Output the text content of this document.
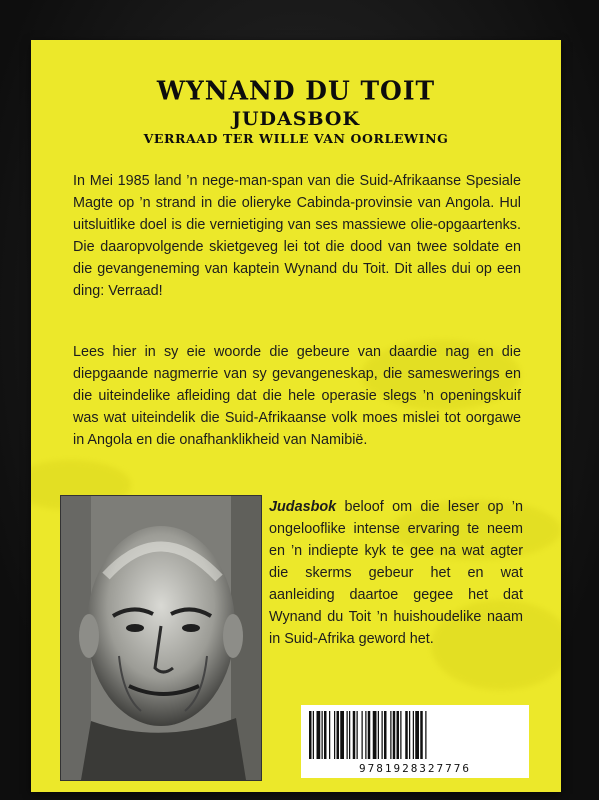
WYNAND DU TOIT
JUDASBOK
VERRAAD TER WILLE VAN OORLEWING

In Mei 1985 land ’n nege-man-span van die Suid-Afrikaanse Spesiale Magte op ’n strand in die olieryke Cabinda-provinsie van Angola. Hul uitsluitlike doel is die vernietiging van ses massiewe olie-opgaartenks. Die daaropvolgende skietgeveg lei tot die dood van twee soldate en die gevangeneming van kaptein Wynand du Toit. Dit alles dui op een ding: Verraad!

Lees hier in sy eie woorde die gebeure van daardie nag en die diepgaande nagmerrie van sy gevangeneskap, die sameswerings en die uiteindelike afleiding dat die hele operasie slegs ’n openingskuif was wat uiteindelik die Suid-Afrikaanse volk moes mislei tot oorgawe in Angola en die onafhanklikheid van Namibië.

Judasbok beloof om die leser op ’n ongelooflike intense ervaring te neem en ’n indiepte kyk te gee na wat agter die skerms gebeur het en wat aanleiding daartoe gegee het dat Wynand du Toit ’n huishoudelike naam in Suid-Afrika geword het.

9781928327776
